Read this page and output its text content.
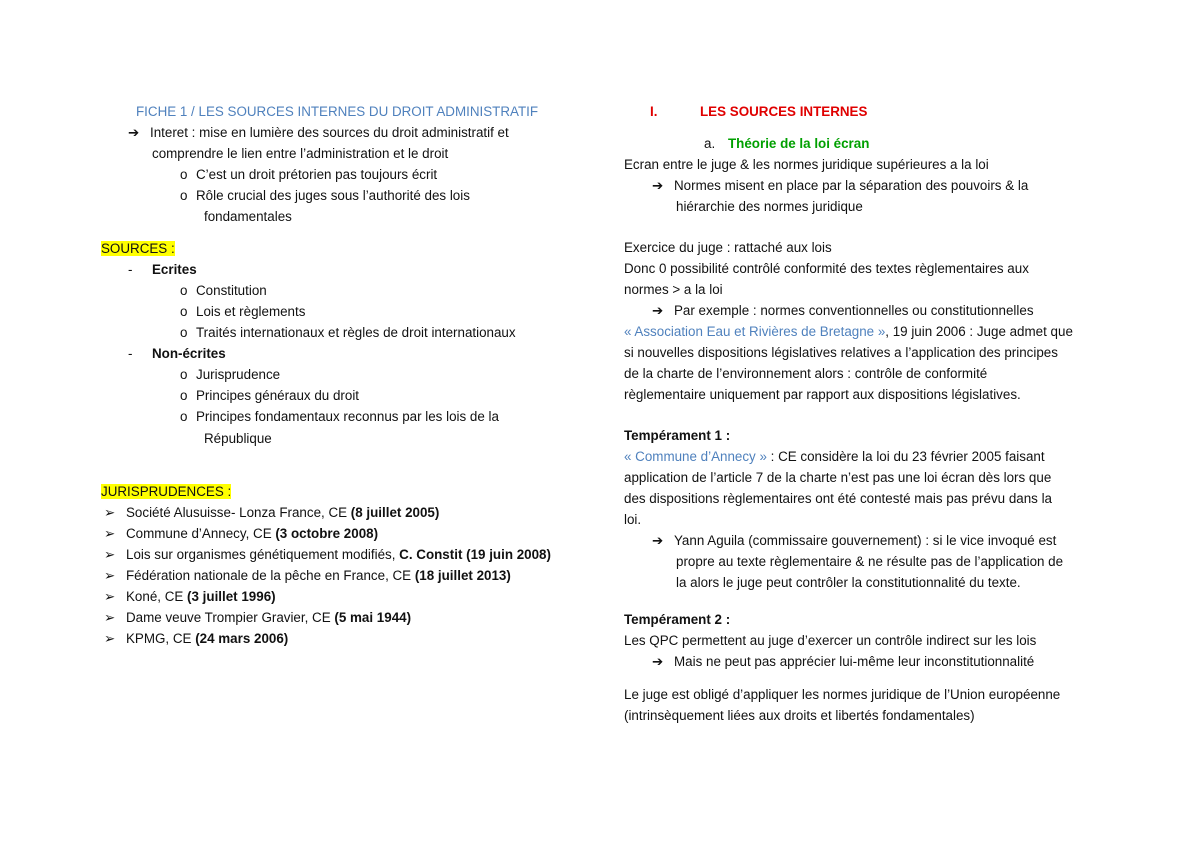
FICHE 1 / LES SOURCES INTERNES DU DROIT ADMINISTRATIF
➔ Interet : mise en lumière des sources du droit administratif et
comprendre le lien entre l’administration et le droit
o C’est un droit prétorien pas toujours écrit
o Rôle crucial des juges sous l’authorité des lois
fondamentales
SOURCES :
- Ecrites
o Constitution
o Lois et règlements
o Traités internationaux et règles de droit internationaux
- Non-écrites
o Jurisprudence
o Principes généraux du droit
o Principes fondamentaux reconnus par les lois de la
République
JURISPRUDENCES :
➢ Société Alusuisse- Lonza France, CE (8 juillet 2005)
➢ Commune d’Annecy, CE (3 octobre 2008)
➢ Lois sur organismes génétiquement modifiés, C. Constit (19 juin 2008)
➢ Fédération nationale de la pêche en France, CE (18 juillet 2013)
➢ Koné, CE (3 juillet 1996)
➢ Dame veuve Trompier Gravier, CE (5 mai 1944)
➢ KPMG, CE (24 mars 2006)
I.	LES SOURCES INTERNES
a. Théorie de la loi écran
Ecran entre le juge & les normes juridique supérieures a la loi
➔ Normes misent en place par la séparation des pouvoirs & la
hiérarchie des normes juridique
Exercice du juge : rattaché aux lois
Donc 0 possibilité contrôlé conformité des textes règlementaires aux
normes > a la loi
➔ Par exemple : normes conventionnelles ou constitutionnelles
« Association Eau et Rivières de Bretagne », 19 juin 2006 : Juge admet que
si nouvelles dispositions législatives relatives a l’application des principes
de la charte de l’environnement alors : contrôle de conformité
règlementaire uniquement par rapport aux dispositions législatives.
Tempérament 1 :
« Commune d’Annecy » : CE considère la loi du 23 février 2005 faisant
application de l’article 7 de la charte n’est pas une loi écran dès lors que
des dispositions règlementaires ont été contesté mais pas prévu dans la
loi.
➔ Yann Aguila (commissaire gouvernement) : si le vice invoqué est
propre au texte règlementaire & ne résulte pas de l’application de
la alors le juge peut contrôler la constitutionnalité du texte.
Tempérament 2 :
Les QPC permettent au juge d’exercer un contrôle indirect sur les lois
➔ Mais ne peut pas apprécier lui-même leur inconstitutionnalité
Le juge est obligé d’appliquer les normes juridique de l’Union européenne
(intrinsèquement liées aux droits et libertés fondamentales)
